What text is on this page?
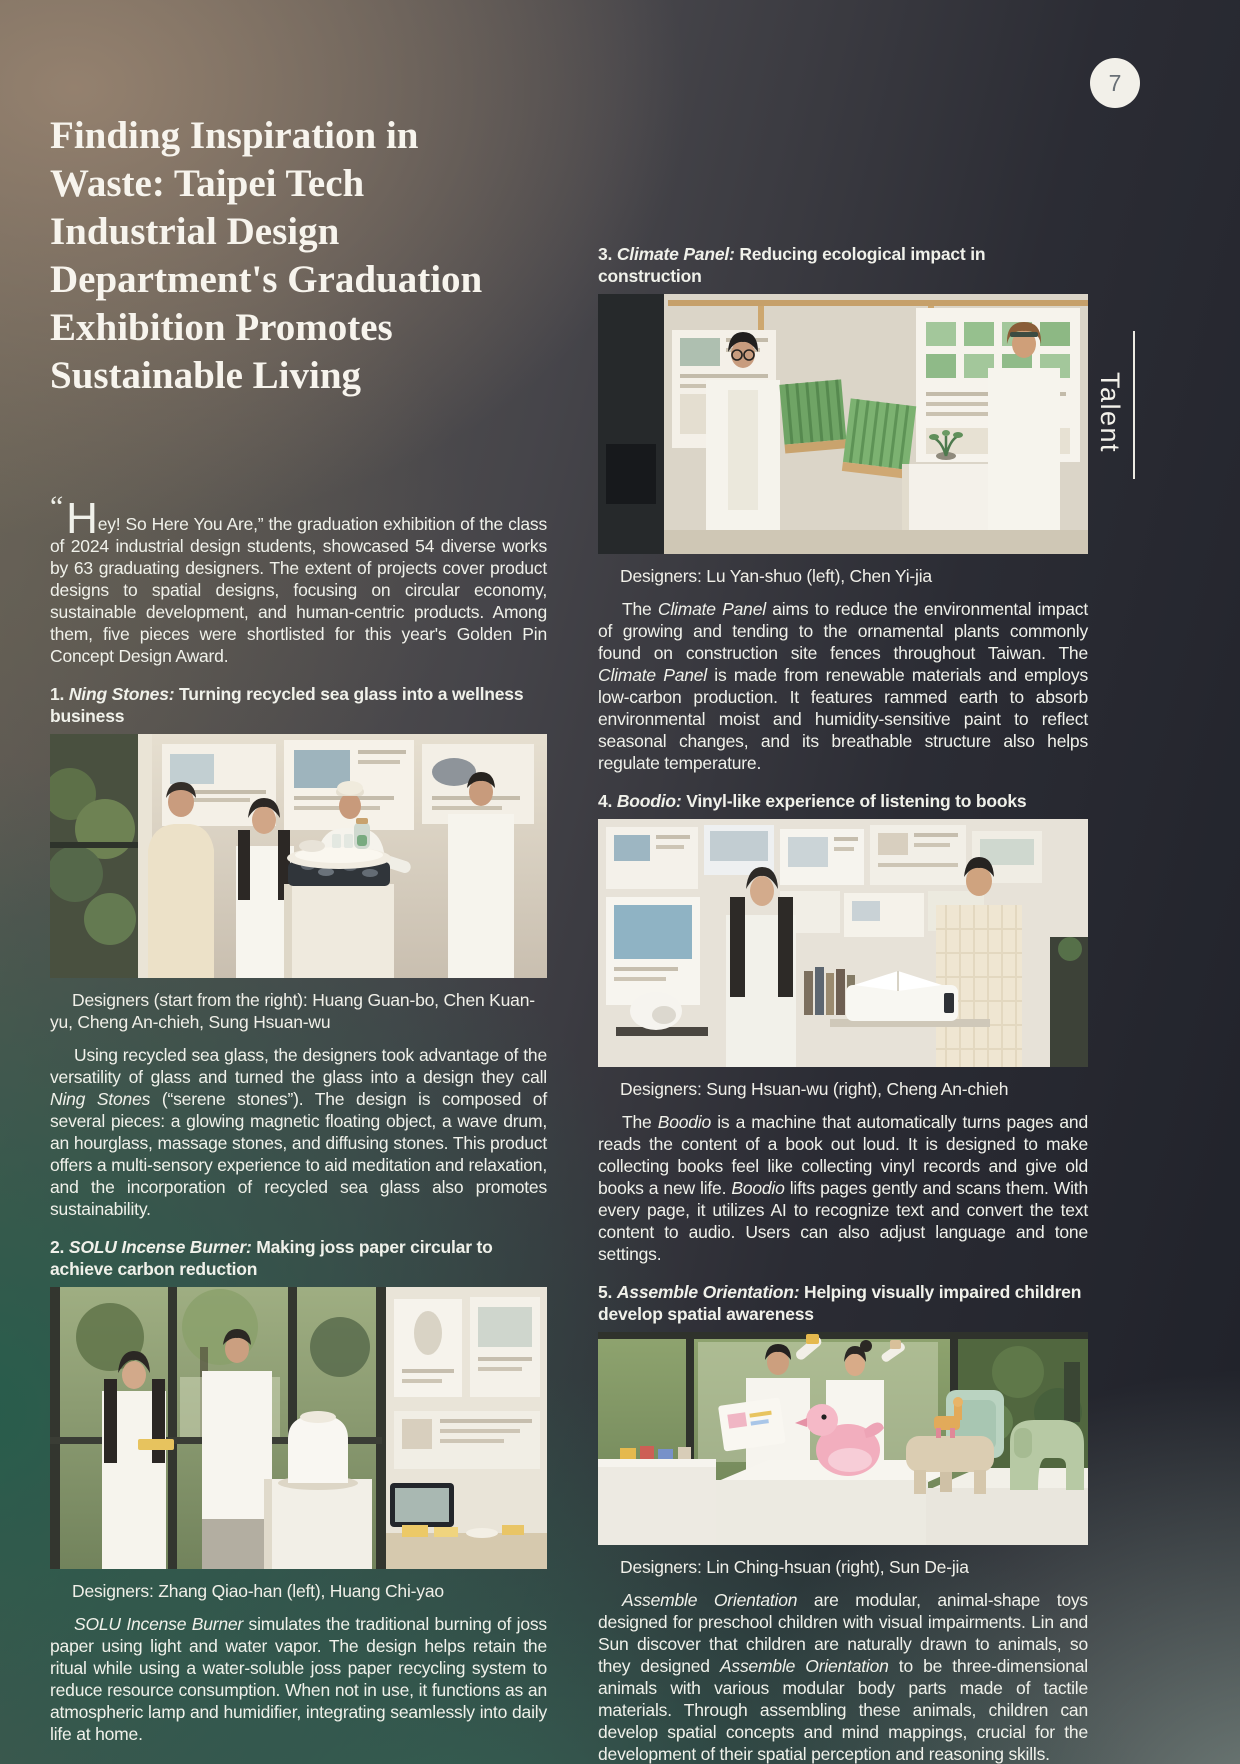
7
Talent
Finding Inspiration in Waste: Taipei Tech Industrial Design Department's Graduation Exhibition Promotes Sustainable Living

“Hey! So Here You Are,” the graduation exhibition of the class of 2024 industrial design students, showcased 54 diverse works by 63 graduating designers. The extent of projects cover product designs to spatial designs, focusing on circular economy, sustainable development, and human-centric products. Among them, five pieces were shortlisted for this year's Golden Pin Concept Design Award.

1. Ning Stones: Turning recycled sea glass into a wellness business

Designers (start from the right): Huang Guan-bo, Chen Kuan-yu, Cheng An-chieh, Sung Hsuan-wu

Using recycled sea glass, the designers took advantage of the versatility of glass and turned the glass into a design they call Ning Stones (“serene stones”). The design is composed of several pieces: a glowing magnetic floating object, a wave drum, an hourglass, massage stones, and diffusing stones. This product offers a multi-sensory experience to aid meditation and relaxation, and the incorporation of recycled sea glass also promotes sustainability.

2. SOLU Incense Burner: Making joss paper circular to achieve carbon reduction

Designers: Zhang Qiao-han (left), Huang Chi-yao

SOLU Incense Burner simulates the traditional burning of joss paper using light and water vapor. The design helps retain the ritual while using a water-soluble joss paper recycling system to reduce resource consumption. When not in use, it functions as an atmospheric lamp and humidifier, integrating seamlessly into daily life at home.

3. Climate Panel: Reducing ecological impact in construction

Designers: Lu Yan-shuo (left), Chen Yi-jia

The Climate Panel aims to reduce the environmental impact of growing and tending to the ornamental plants commonly found on construction site fences throughout Taiwan. The Climate Panel is made from renewable materials and employs low-carbon production. It features rammed earth to absorb environmental moist and humidity-sensitive paint to reflect seasonal changes, and its breathable structure also helps regulate temperature.

4. Boodio: Vinyl-like experience of listening to books

Designers: Sung Hsuan-wu (right), Cheng An-chieh

The Boodio is a machine that automatically turns pages and reads the content of a book out loud. It is designed to make collecting books feel like collecting vinyl records and give old books a new life. Boodio lifts pages gently and scans them. With every page, it utilizes AI to recognize text and convert the text content to audio. Users can also adjust language and tone settings.

5. Assemble Orientation: Helping visually impaired children develop spatial awareness

Designers: Lin Ching-hsuan (right), Sun De-jia

Assemble Orientation are modular, animal-shape toys designed for preschool children with visual impairments. Lin and Sun discover that children are naturally drawn to animals, so they designed Assemble Orientation to be three-dimensional animals with various modular body parts made of tactile materials. Through assembling these animals, children can develop spatial concepts and mind mappings, crucial for the development of their spatial perception and reasoning skills.
